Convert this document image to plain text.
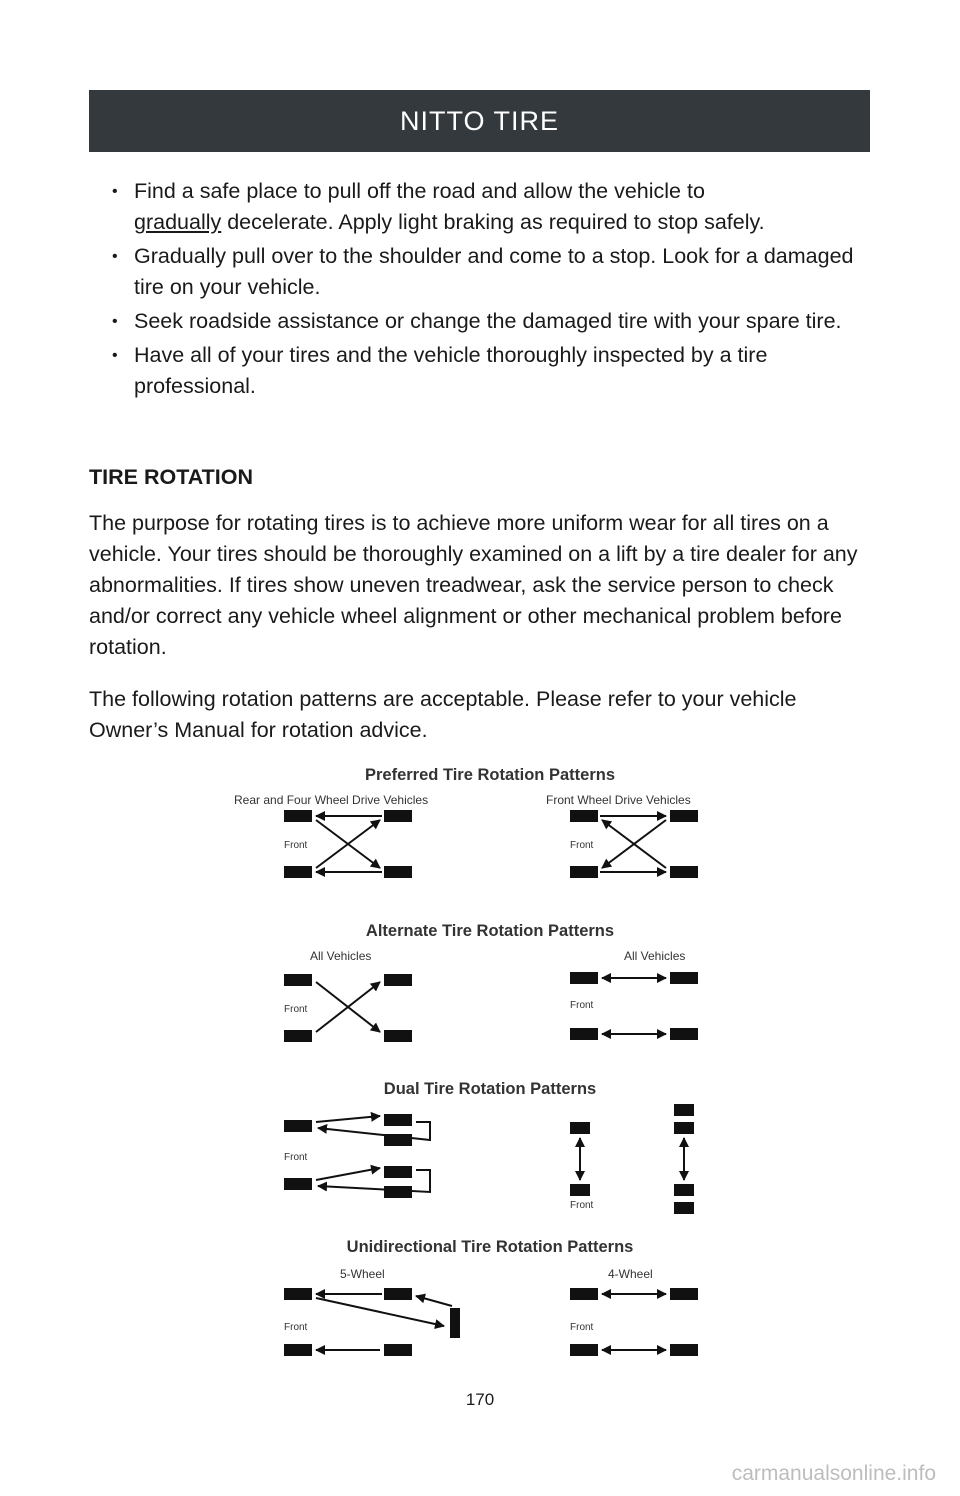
NITTO TIRE
• Find a safe place to pull off the road and allow the vehicle to
gradually decelerate. Apply light braking as required to stop safely.
• Gradually pull over to the shoulder and come to a stop. Look for a damaged tire on your vehicle.
• Seek roadside assistance or change the damaged tire with your spare tire.
• Have all of your tires and the vehicle thoroughly inspected by a tire professional.
TIRE ROTATION

The purpose for rotating tires is to achieve more uniform wear for all tires on a vehicle. Your tires should be thoroughly examined on a lift by a tire dealer for any abnormalities. If tires show uneven treadwear, ask the service person to check and/or correct any vehicle wheel alignment or other mechanical problem before rotation.

The following rotation patterns are acceptable. Please refer to your vehicle Owner’s Manual for rotation advice.

Preferred Tire Rotation Patterns
Rear and Four Wheel Drive Vehicles	Front Wheel Drive Vehicles
Front	Front
Alternate Tire Rotation Patterns
All Vehicles	All Vehicles
Front	Front
Dual Tire Rotation Patterns
Front
Front
Unidirectional Tire Rotation Patterns
5-Wheel	4-Wheel
Front	Front
170
carmanualsonline.info
